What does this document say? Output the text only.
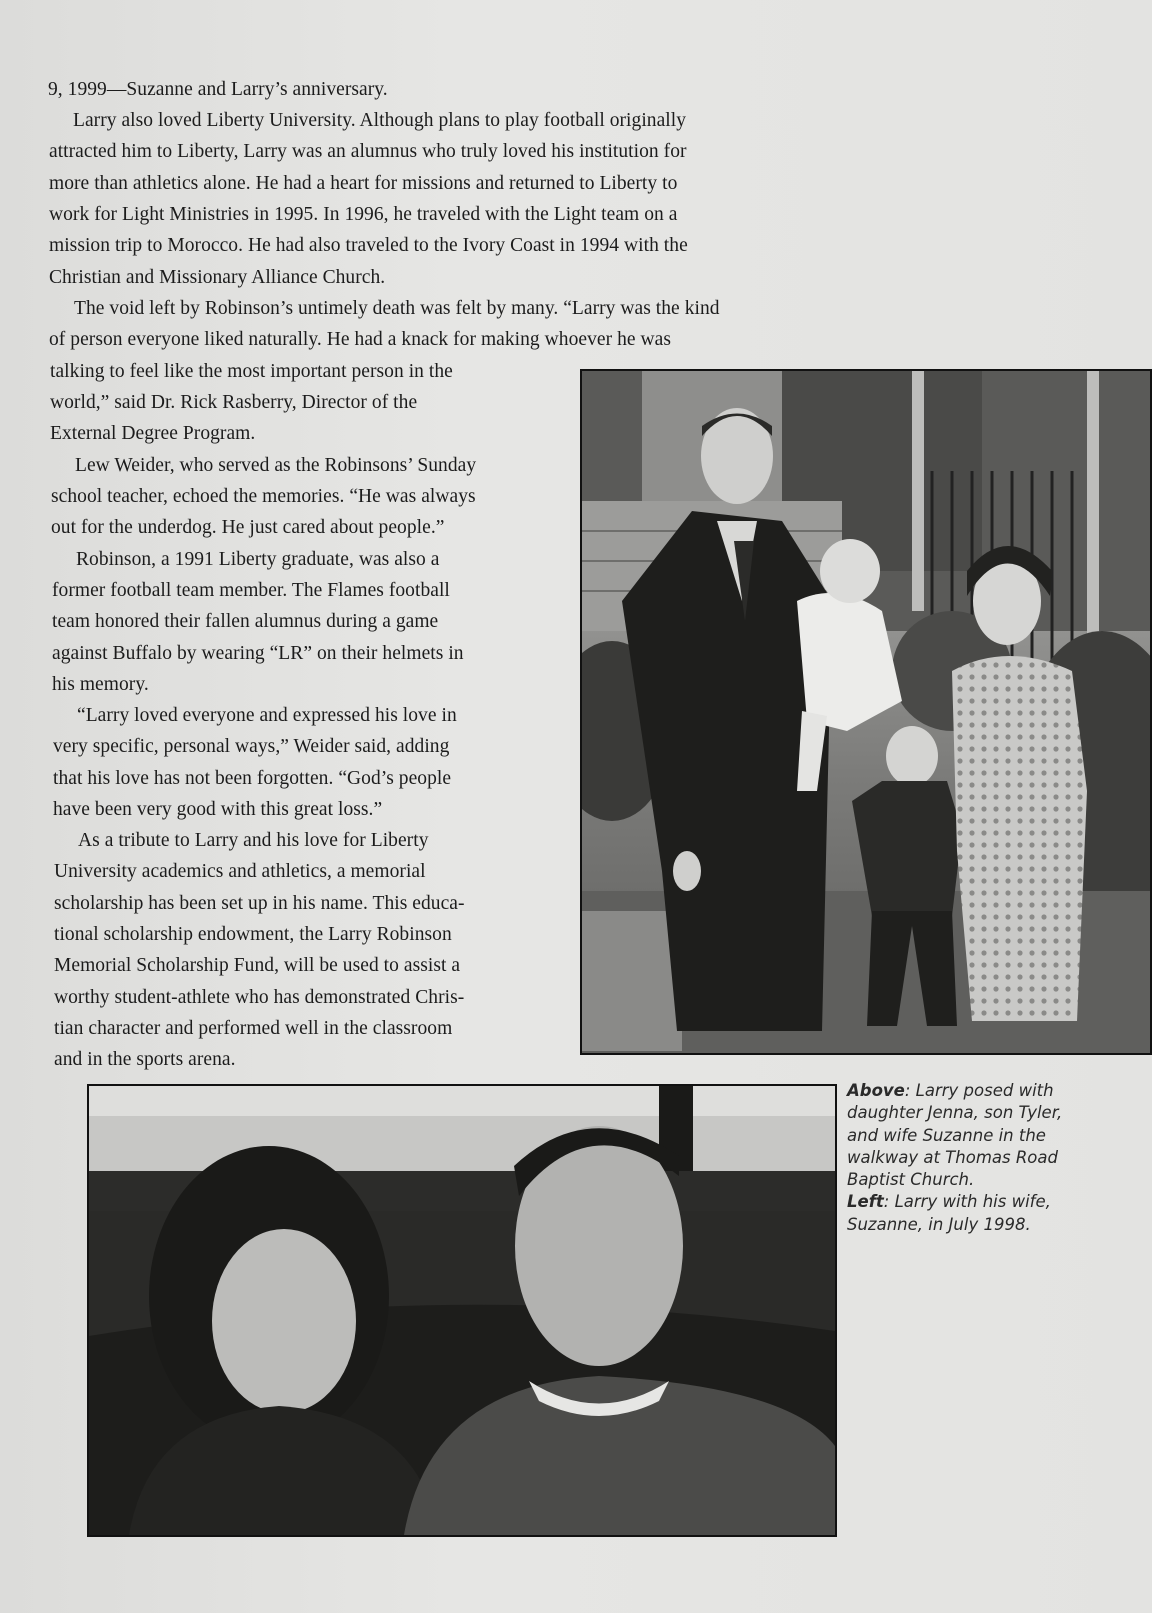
9, 1999—Suzanne and Larry’s anniversary.
Larry also loved Liberty University. Although plans to play football originally
attracted him to Liberty, Larry was an alumnus who truly loved his institution for
more than athletics alone. He had a heart for missions and returned to Liberty to
work for Light Ministries in 1995. In 1996, he traveled with the Light team on a
mission trip to Morocco. He had also traveled to the Ivory Coast in 1994 with the
Christian and Missionary Alliance Church.
The void left by Robinson’s untimely death was felt by many. “Larry was the kind
of person everyone liked naturally. He had a knack for making whoever he was
talking to feel like the most important person in the
world,” said Dr. Rick Rasberry, Director of the
External Degree Program.
Lew Weider, who served as the Robinsons’ Sunday
school teacher, echoed the memories. “He was always
out for the underdog. He just cared about people.”
Robinson, a 1991 Liberty graduate, was also a
former football team member. The Flames football
team honored their fallen alumnus during a game
against Buffalo by wearing “LR” on their helmets in
his memory.
“Larry loved everyone and expressed his love in
very specific, personal ways,” Weider said, adding
that his love has not been forgotten. “God’s people
have been very good with this great loss.”
As a tribute to Larry and his love for Liberty
University academics and athletics, a memorial
scholarship has been set up in his name. This educa-
tional scholarship endowment, the Larry Robinson
Memorial Scholarship Fund, will be used to assist a
worthy student-athlete who has demonstrated Chris-
tian character and performed well in the classroom
and in the sports arena.
Above: Larry posed with
daughter Jenna, son Tyler,
and wife Suzanne in the
walkway at Thomas Road
Baptist Church.
Left: Larry with his wife,
Suzanne, in July 1998.
